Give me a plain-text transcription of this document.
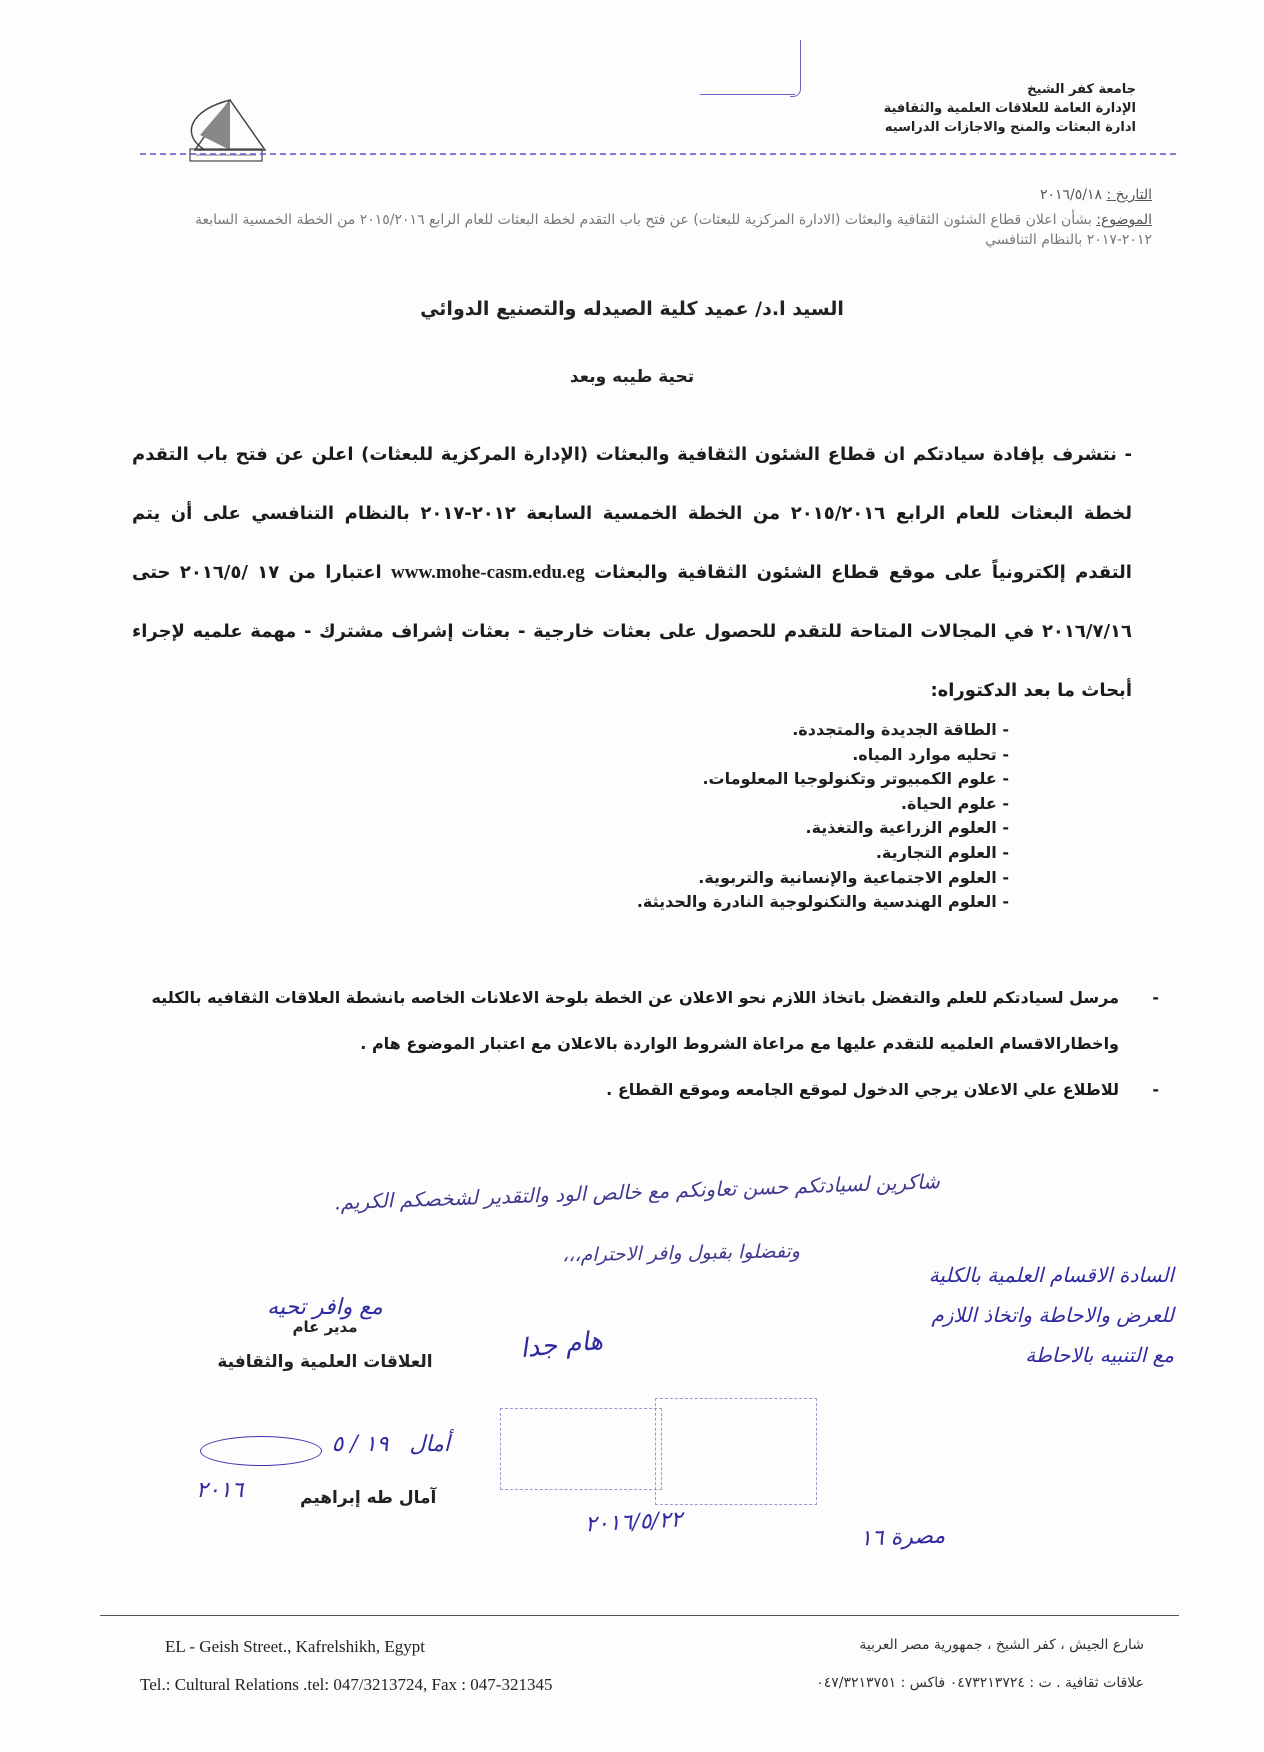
جامعة كفر الشيخ
الإدارة العامة للعلاقات العلمية والثقافية
ادارة البعثات والمنح والاجازات الدراسيه
التاريخ : ٢٠١٦/٥/١٨
الموضوع: بشأن اعلان قطاع الشئون الثقافية والبعثات (الادارة المركزية للبعثات) عن فتح باب التقدم لخطة البعثات للعام الرابع ٢٠١٥/٢٠١٦ من الخطة الخمسية السابعة ٢٠١٢-٢٠١٧ بالنظام التنافسي
السيد ا.د/ عميد كلية الصيدله والتصنيع الدوائي
تحية طيبه وبعد
- نتشرف بإفادة سيادتكم ان قطاع الشئون الثقافية والبعثات (الإدارة المركزية للبعثات) اعلن عن فتح باب التقدم لخطة البعثات للعام الرابع ٢٠١٥/٢٠١٦ من الخطة الخمسية السابعة ٢٠١٢-٢٠١٧ بالنظام التنافسي على أن يتم التقدم إلكترونياً على موقع قطاع الشئون الثقافية والبعثات www.mohe-casm.edu.eg اعتبارا من ١٧ /٢٠١٦/٥ حتى ٢٠١٦/٧/١٦ في المجالات المتاحة للتقدم للحصول على بعثات خارجية - بعثات إشراف مشترك - مهمة علميه لإجراء أبحاث ما بعد الدكتوراه:
- الطاقة الجديدة والمتجددة.
- تحليه موارد المياه.
- علوم الكمبيوتر وتكنولوجيا المعلومات.
- علوم الحياة.
- العلوم الزراعية والتغذية.
- العلوم التجارية.
- العلوم الاجتماعية والإنسانية والتربوية.
- العلوم الهندسية والتكنولوجية النادرة والحديثة.
-
مرسل لسيادتكم للعلم والتفضل باتخاذ اللازم نحو الاعلان عن الخطة بلوحة الاعلانات الخاصه بانشطة العلاقات الثقافيه بالكليه واخطارالاقسام العلميه للتقدم عليها مع مراعاة الشروط الواردة بالاعلان مع اعتبار الموضوع هام .
-
للاطلاع علي الاعلان يرجي الدخول لموقع الجامعه وموقع القطاع .
شاكرين لسيادتكم حسن تعاونكم مع خالص الود والتقدير لشخصكم الكريم.
وتفضلوا بقبول وافر الاحترام،،،
مع وافر تحيه
مدير عام
العلاقات العلمية والثقافية
أمال   ١٩ / ٥
٢٠١٦	آمال طه إبراهيم
السادة الاقسام العلمية بالكلية
للعرض والاحاطة واتخاذ اللازم
مع التنبيه بالاحاطة
هام جدا
٢٠١٦/٥/٢٢
مصرة ١٦
EL - Geish Street., Kafrelshikh, Egypt
Tel.: Cultural Relations .tel: 047/3213724, Fax : 047-321345
شارع الجيش ، كفر الشيخ ، جمهورية مصر العربية
علاقات ثقافية . ت : ٠٤٧٣٢١٣٧٢٤ فاكس : ٠٤٧/٣٢١٣٧٥١
